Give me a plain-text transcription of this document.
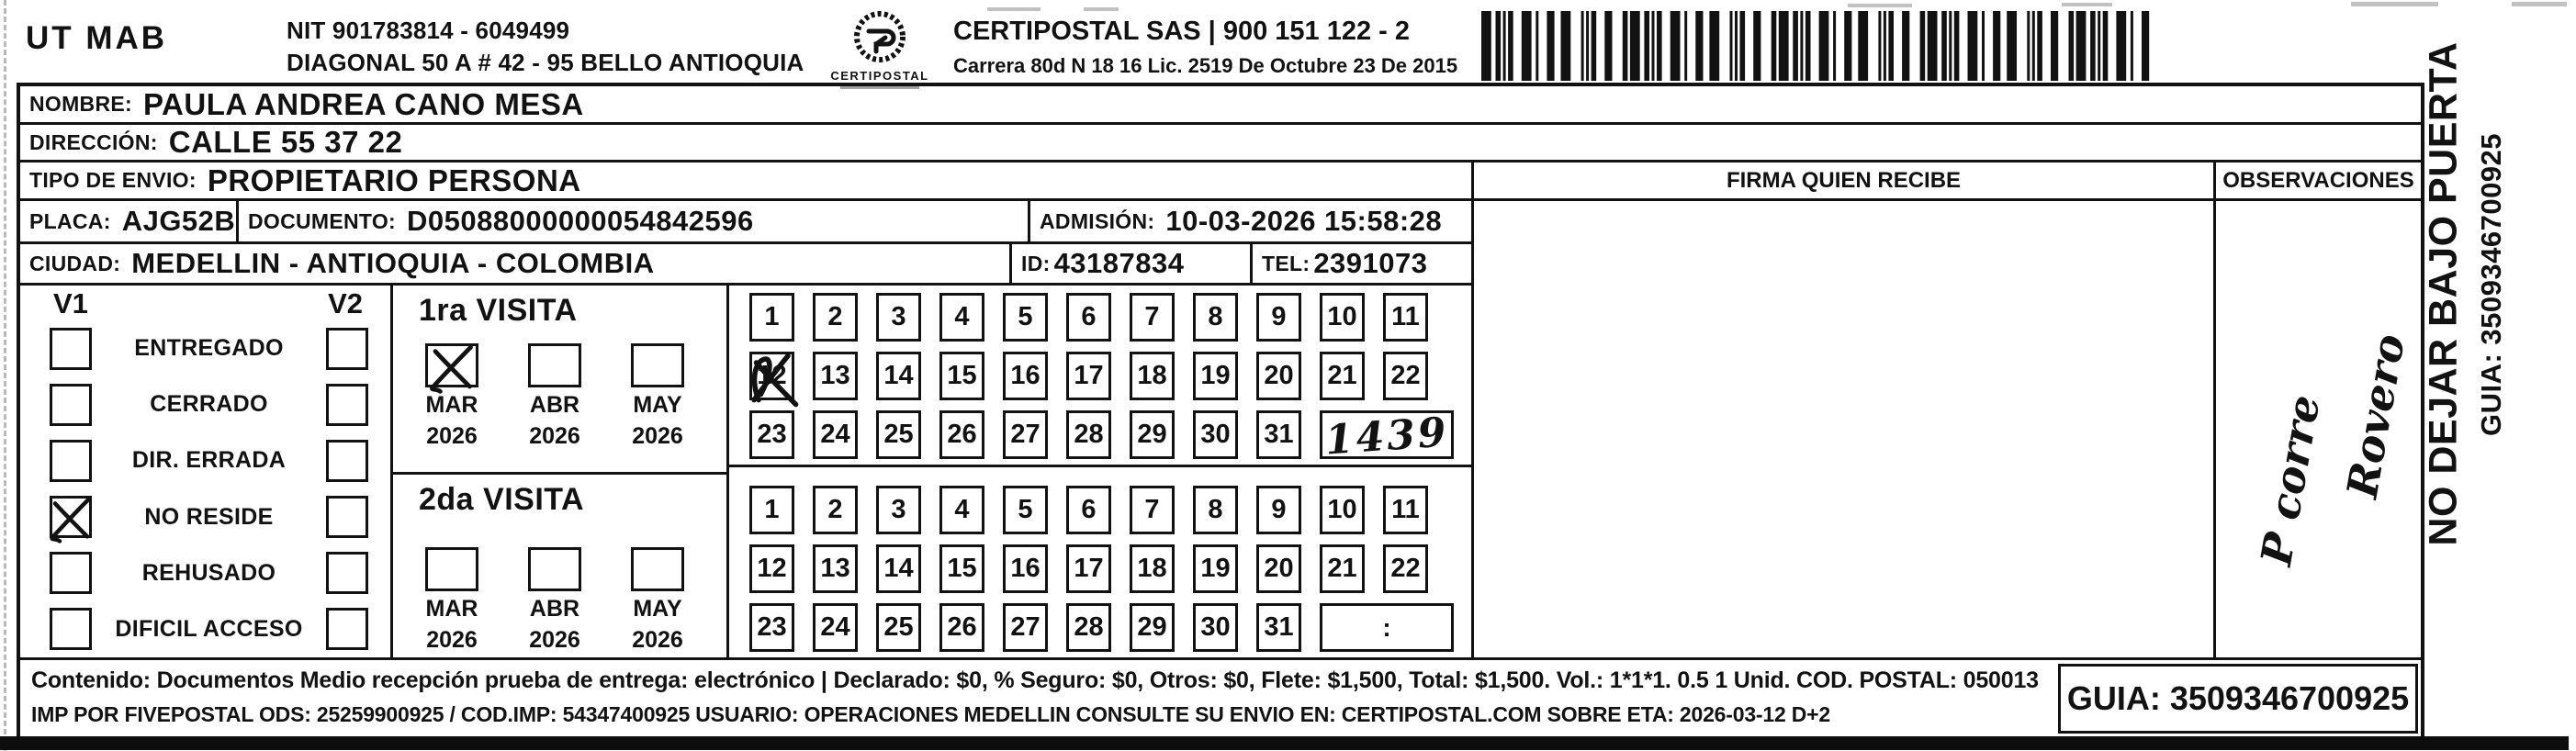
UT MAB	NIT 901783814 - 6049499
DIAGONAL 50 A # 42 - 95 BELLO ANTIOQUIA	CERTIPOSTAL
CERTIPOSTAL SAS | 900 151 122 - 2
Carrera 80d N 18 16 Lic. 2519 De Octubre 23 De 2015
NOMBRE: PAULA ANDREA CANO MESA
DIRECCIÓN: CALLE 55 37 22
TIPO DE ENVIO: PROPIETARIO PERSONA	FIRMA QUIEN RECIBE	OBSERVACIONES
PLACA: AJG52B DOCUMENTO: D05088000000054842596	ADMISIÓN: 10-03-2026 15:58:28
CIUDAD: MEDELLIN - ANTIOQUIA - COLOMBIA	ID: 43187834	TEL: 2391073
V1	V2
ENTREGADO
CERRADO
DIR. ERRADA
NO RESIDE
REHUSADO
DIFICIL ACCESO
1ra VISITA
MAR
2026
ABR
2026
MAY
2026
2da VISITA
MAR
2026
ABR
2026
MAY
2026
1	2	3	4	5	6	7	8	9	10	11
12 13 14 15 16 17 18 19 20 21 22
23 24 25 26 27 28 29 30 31 1439
1	2	3	4	5	6	7	8	9	10	11
12 13 14 15 16 17 18 19 20 21 22
23 24 25 26 27 28 29 30 31	:
P corre Rovero
Contenido: Documentos Medio recepción prueba de entrega: electrónico | Declarado: $0, % Seguro: $0, Otros: $0, Flete: $1,500, Total: $1,500. Vol.: 1*1*1. 0.5 1 Unid. COD. POSTAL: 050013
IMP POR FIVEPOSTAL ODS: 25259900925 / COD.IMP: 54347400925 USUARIO: OPERACIONES MEDELLIN CONSULTE SU ENVIO EN: CERTIPOSTAL.COM SOBRE ETA: 2026-03-12 D+2	GUIA: 3509346700925
NO DEJAR BAJO PUERTA GUIA: 3509346700925
